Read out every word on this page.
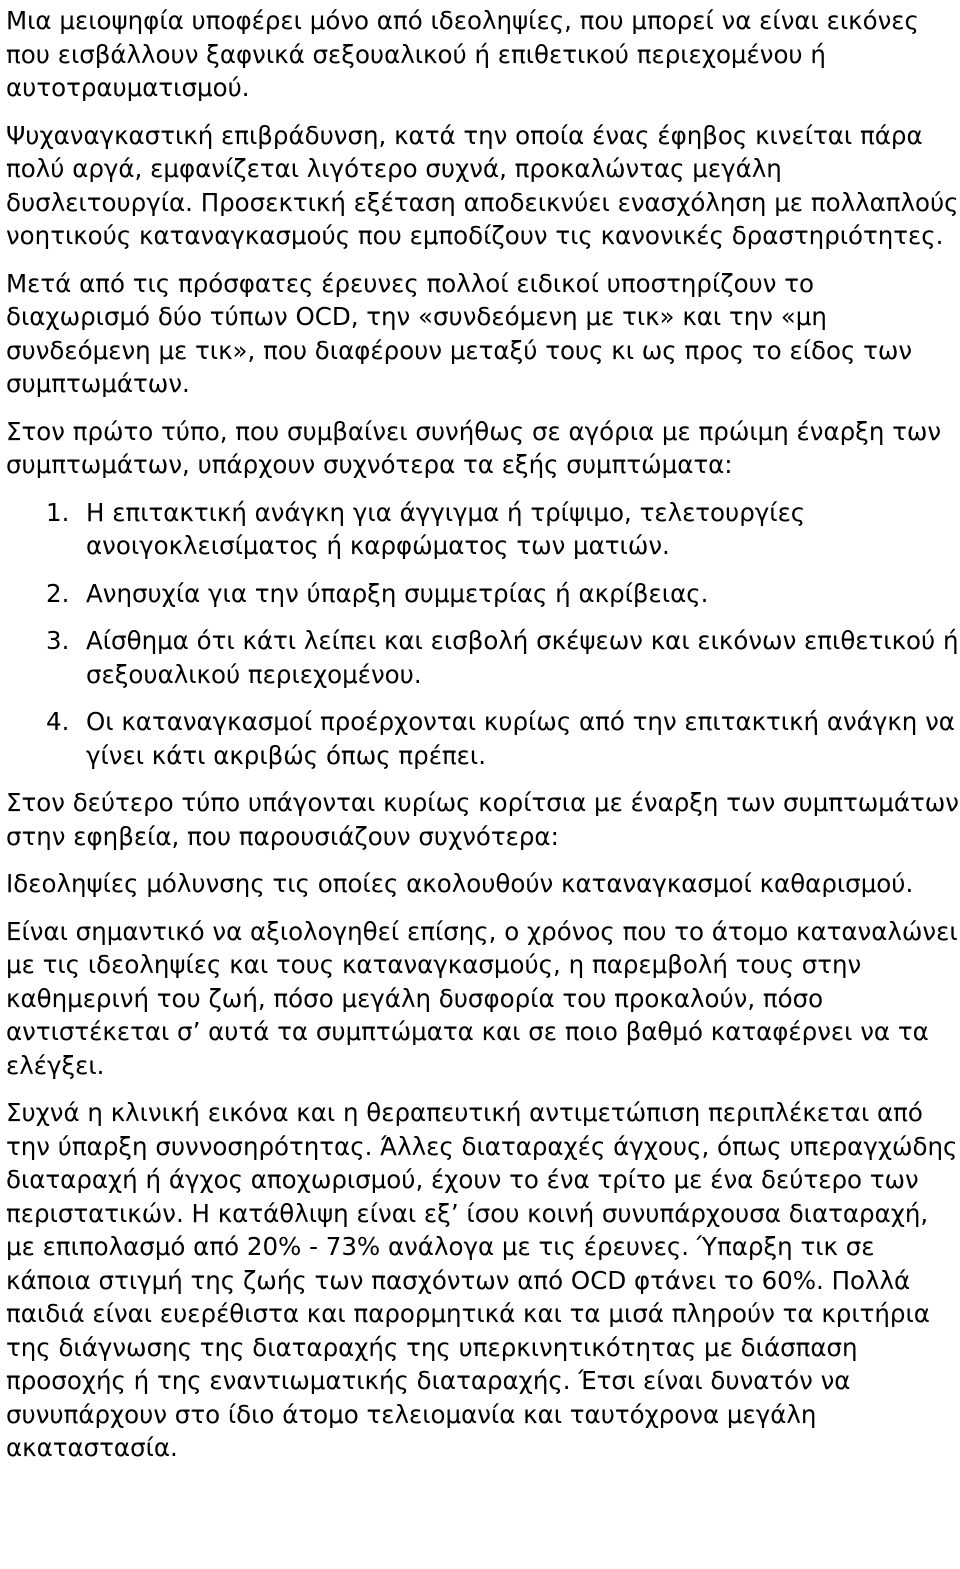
Μια μειοψηφία υποφέρει μόνο από ιδεοληψίες, που μπορεί να είναι εικόνες που εισβάλλουν ξαφνικά σεξουαλικού ή επιθετικού περιεχομένου ή αυτοτραυματισμού.

Ψυχαναγκαστική επιβράδυνση, κατά την οποία ένας έφηβος κινείται πάρα πολύ αργά, εμφανίζεται λιγότερο συχνά, προκαλώντας μεγάλη δυσλειτουργία. Προσεκτική εξέταση αποδεικνύει ενασχόληση με πολλαπλούς νοητικούς καταναγκασμούς που εμποδίζουν τις κανονικές δραστηριότητες.

Μετά από τις πρόσφατες έρευνες πολλοί ειδικοί υποστηρίζουν το διαχωρισμό δύο τύπων OCD, την «συνδεόμενη με τικ» και την «μη συνδεόμενη με τικ», που διαφέρουν μεταξύ τους κι ως προς το είδος των συμπτωμάτων.

Στον πρώτο τύπο, που συμβαίνει συνήθως σε αγόρια με πρώιμη έναρξη των συμπτωμάτων, υπάρχουν συχνότερα τα εξής συμπτώματα:

1. Η επιτακτική ανάγκη για άγγιγμα ή τρίψιμο, τελετουργίες ανοιγοκλεισίματος ή καρφώματος των ματιών.
2. Ανησυχία για την ύπαρξη συμμετρίας ή ακρίβειας.
3. Αίσθημα ότι κάτι λείπει και εισβολή σκέψεων και εικόνων επιθετικού ή σεξουαλικού περιεχομένου.
4. Οι καταναγκασμοί προέρχονται κυρίως από την επιτακτική ανάγκη να γίνει κάτι ακριβώς όπως πρέπει.

Στον δεύτερο τύπο υπάγονται κυρίως κορίτσια με έναρξη των συμπτωμάτων στην εφηβεία, που παρουσιάζουν συχνότερα:

Ιδεοληψίες μόλυνσης τις οποίες ακολουθούν καταναγκασμοί καθαρισμού.

Είναι σημαντικό να αξιολογηθεί επίσης, ο χρόνος που το άτομο καταναλώνει με τις ιδεοληψίες και τους καταναγκασμούς, η παρεμβολή τους στην καθημερινή του ζωή, πόσο μεγάλη δυσφορία του προκαλούν, πόσο αντιστέκεται σ’ αυτά τα συμπτώματα και σε ποιο βαθμό καταφέρνει να τα ελέγξει.

Συχνά η κλινική εικόνα και η θεραπευτική αντιμετώπιση περιπλέκεται από την ύπαρξη συννοσηρότητας. Άλλες διαταραχές άγχους, όπως υπεραγχώδης διαταραχή ή άγχος αποχωρισμού, έχουν το ένα τρίτο με ένα δεύτερο των περιστατικών. Η κατάθλιψη είναι εξ’ ίσου κοινή συνυπάρχουσα διαταραχή, με επιπολασμό από 20% - 73% ανάλογα με τις έρευνες. Ύπαρξη τικ σε κάποια στιγμή της ζωής των πασχόντων από OCD φτάνει το 60%. Πολλά παιδιά είναι ευερέθιστα και παρορμητικά και τα μισά πληρούν τα κριτήρια της διάγνωσης της διαταραχής της υπερκινητικότητας με διάσπαση προσοχής ή της εναντιωματικής διαταραχής. Έτσι είναι δυνατόν να συνυπάρχουν στο ίδιο άτομο τελειομανία και ταυτόχρονα μεγάλη ακαταστασία.
